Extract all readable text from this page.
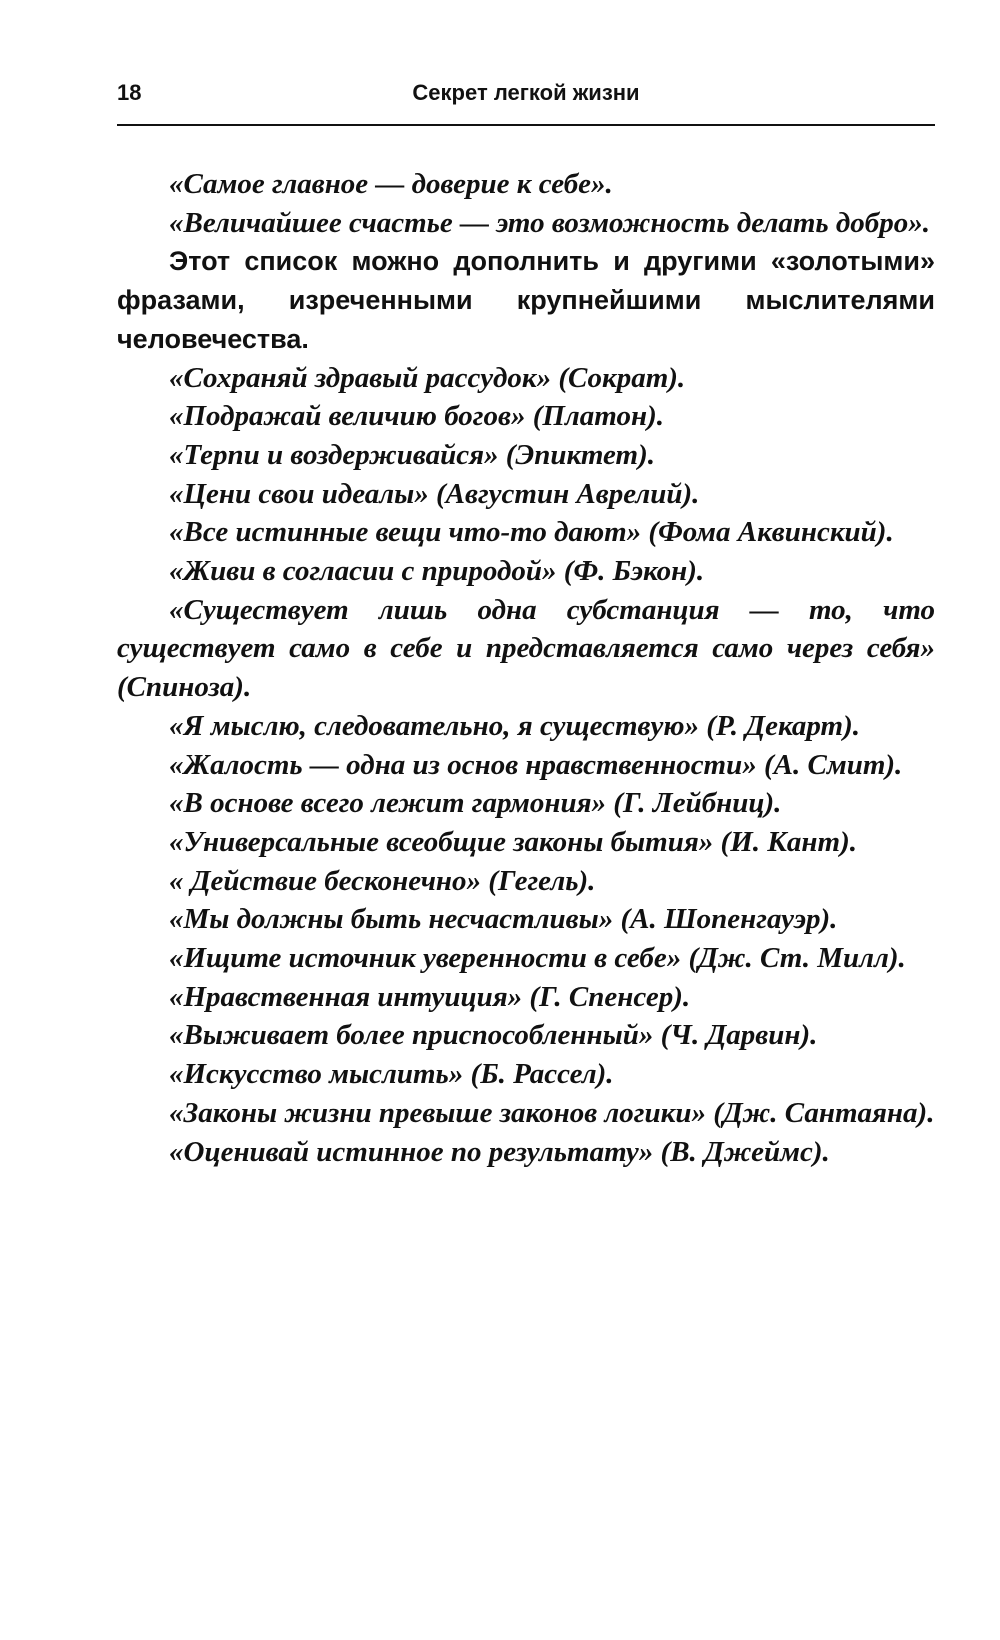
18	Секрет легкой жизни

«Самое главное — доверие к себе».

«Величайшее счастье — это возможность делать добро».

Этот список можно дополнить и другими «золотыми» фразами, изреченными крупнейшими мыслителями человечества.

«Сохраняй здравый рассудок» (Сократ).

«Подражай величию богов» (Платон).

«Терпи и воздерживайся» (Эпиктет).

«Цени свои идеалы» (Августин Аврелий).

«Все истинные вещи что-то дают» (Фома Аквинский).

«Живи в согласии с природой» (Ф. Бэкон).

«Существует лишь одна субстанция — то, что существует само в себе и представляется само через себя» (Спиноза).

«Я мыслю, следовательно, я существую» (Р. Декарт).

«Жалость — одна из основ нравственности» (А. Смит).

«В основе всего лежит гармония» (Г. Лейбниц).

«Универсальные всеобщие законы бытия» (И. Кант).

« Действие бесконечно» (Гегель).

«Мы должны быть несчастливы» (А. Шопенгауэр).

«Ищите источник уверенности в себе» (Дж. Ст. Милл).

«Нравственная интуиция» (Г. Спенсер).

«Выживает более приспособленный» (Ч. Дарвин).

«Искусство мыслить» (Б. Рассел).

«Законы жизни превыше законов логики» (Дж. Сантаяна).

«Оценивай истинное по результату» (В. Джеймс).
